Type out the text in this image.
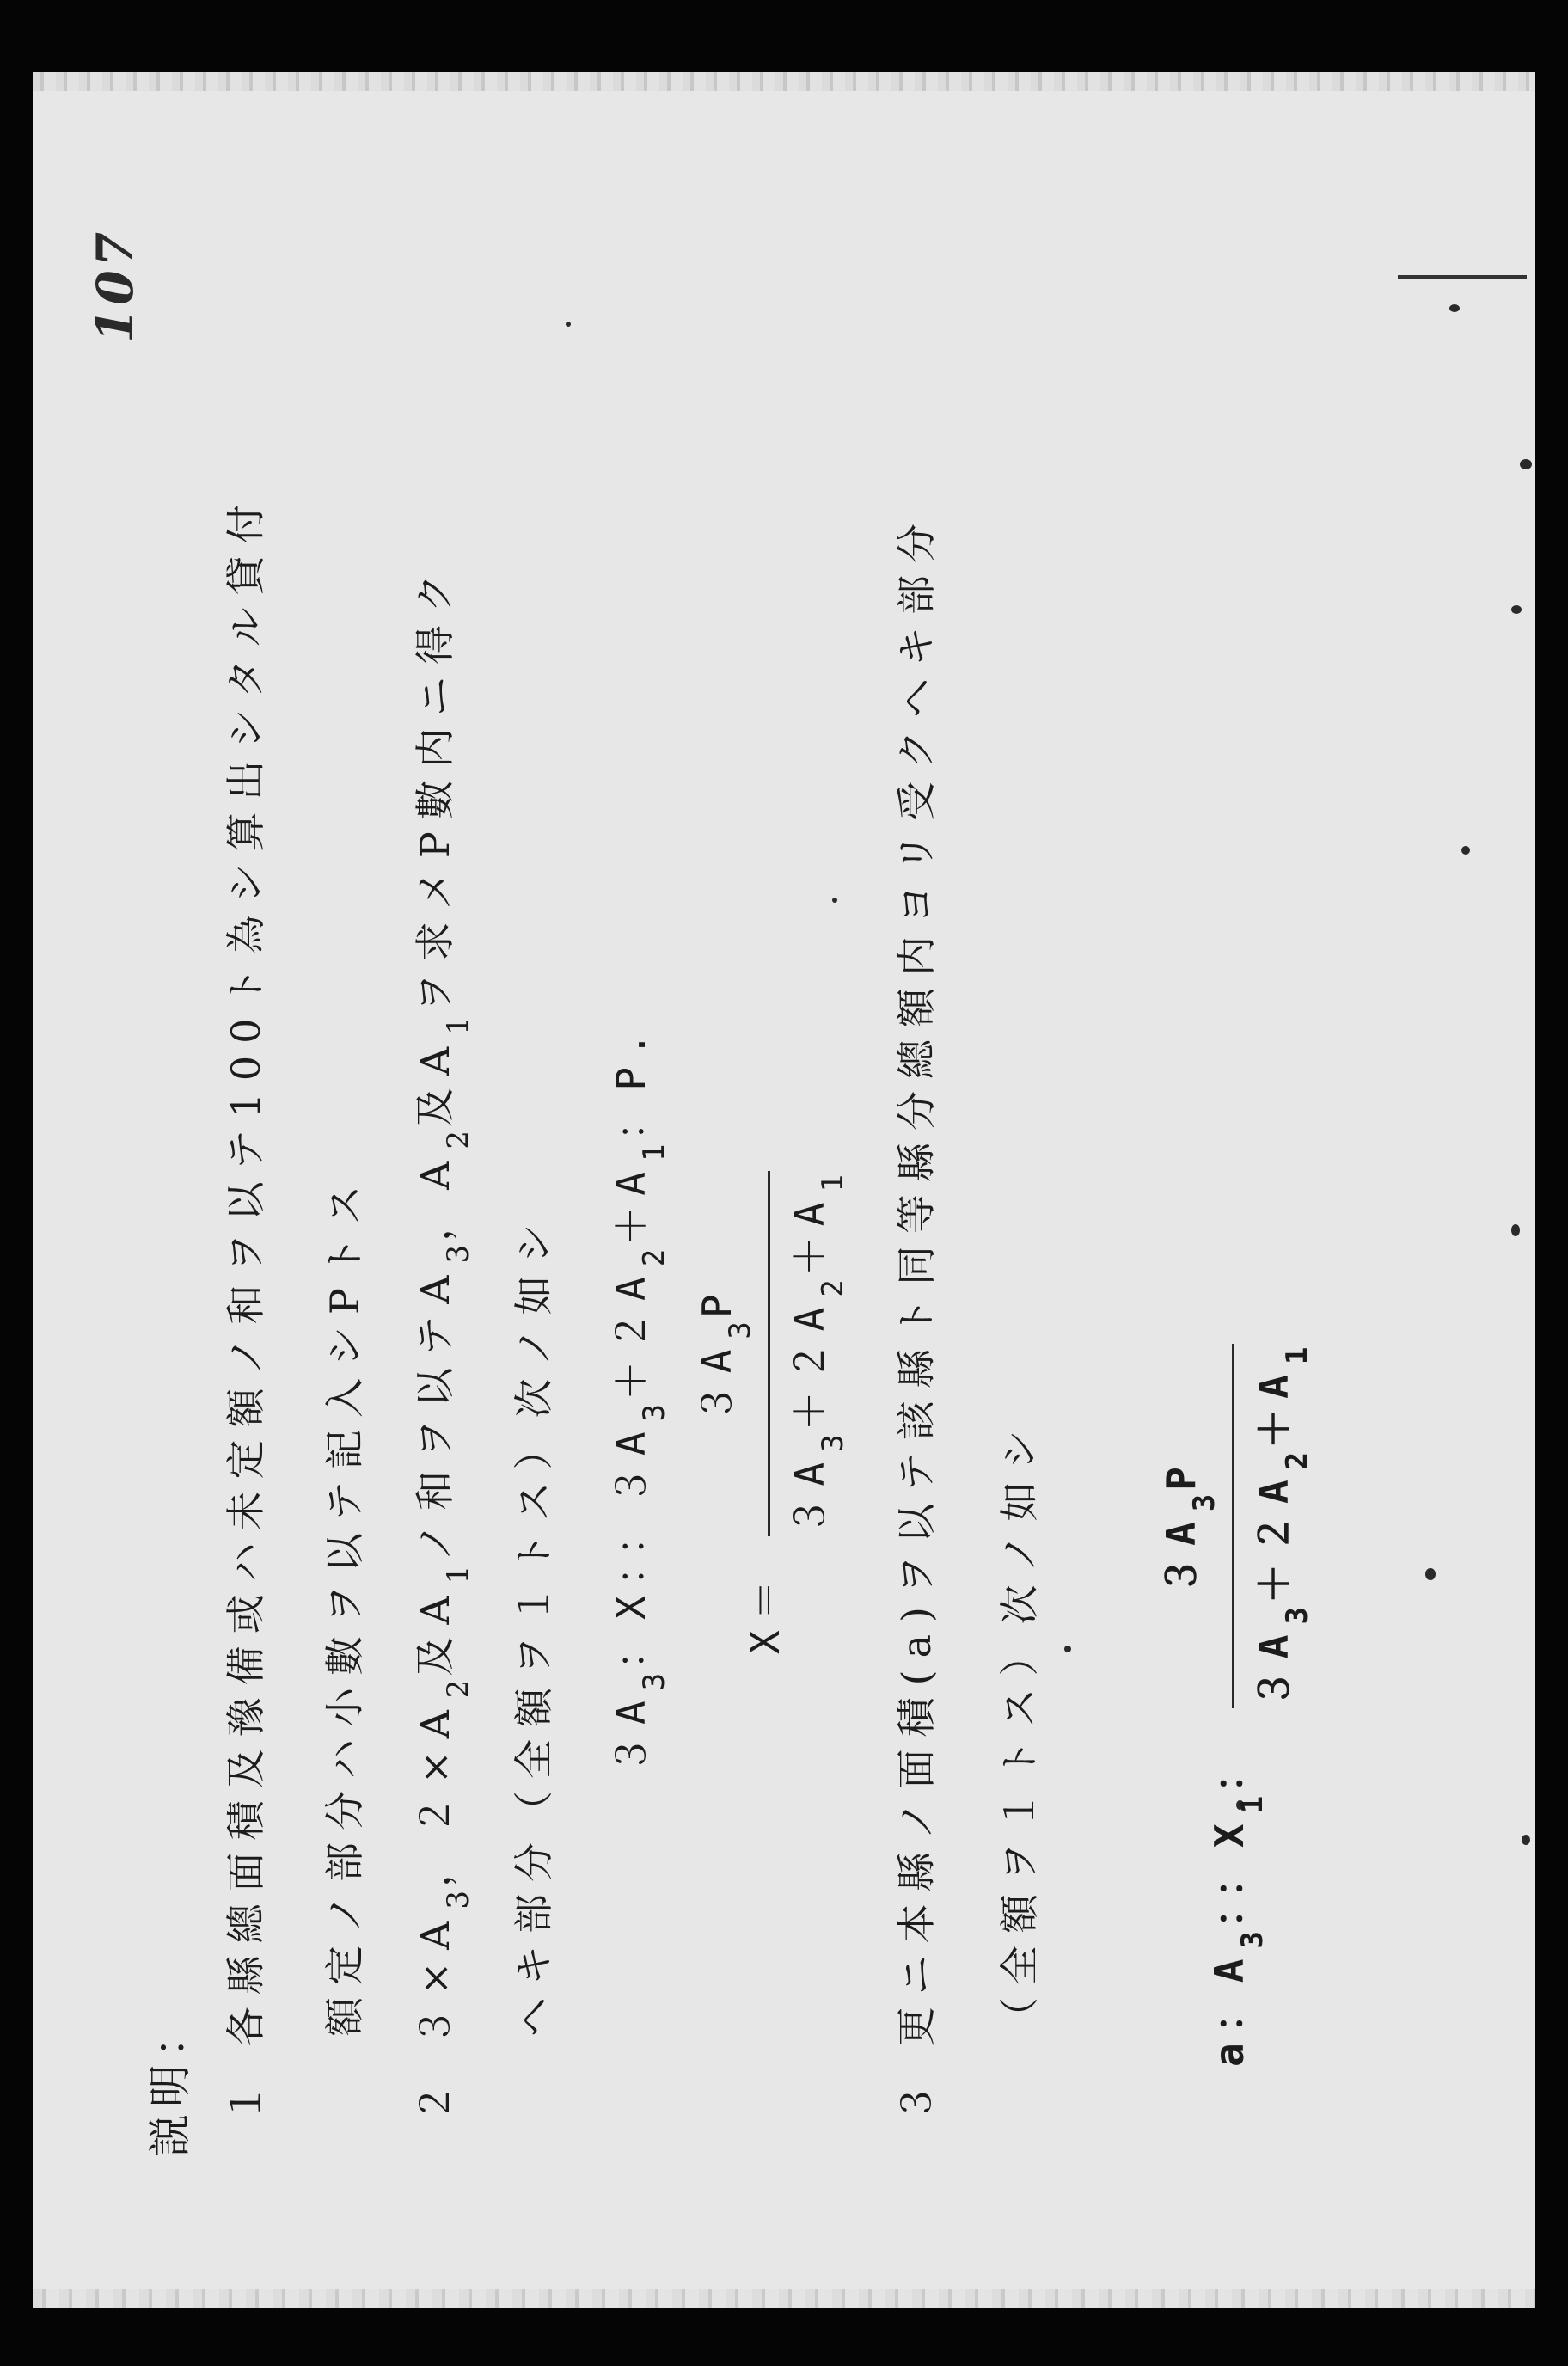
107
説明： １ 各縣總面積及豫備或ハ未定額ノ和ヲ以テ100ト為シ算出シタル貸付 額定ノ部分ハ小數ヲ以テ記入シPトス ２ $3\times A_3$，$2\times A_2$及$A_1$ノ和ヲ以テ$A_3$，$A_2$及$A_1$ヲ求メP數内ニ得ク
ヘキ部分（全額ヲ１トス）次ノ如シ $3A_3$：X：：$3A_3+2A_2+A_1$：P.
X＝
$3A_3P$
$3A_3+2A_2+A_1$ ３ 更ニ本縣ノ面積(a)ヲ以テ該縣ト同等縣分總額内ヨリ受クヘキ部分 （全額ヲ１トス）次ノ如シ	a：$A_3$：：$X_1$：
$3A_3P$
$3A_3+2A_2+A_1$
